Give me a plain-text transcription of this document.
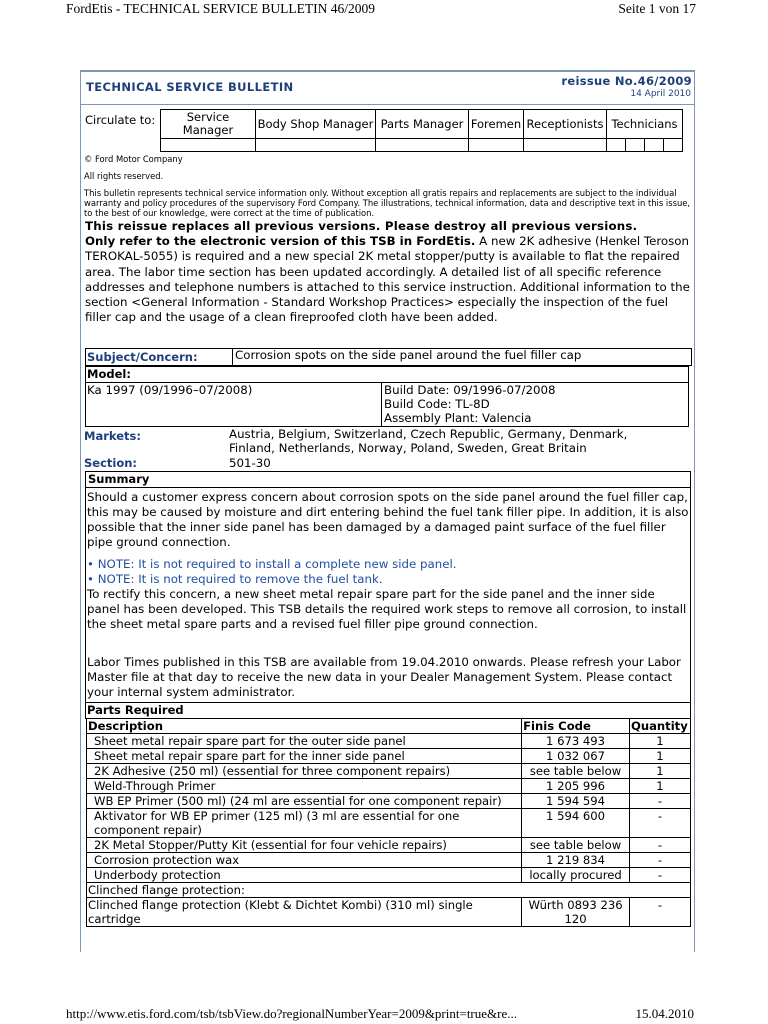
FordEtis - TECHNICAL SERVICE BULLETIN 46/2009	Seite 1 von 17
TECHNICAL SERVICE BULLETIN	reissue No.46/2009
14 April 2010
Circulate to:	Service Manager	Body Shop Manager	Parts Manager	Foremen	Receptionists	Technicians			

© Ford Motor Company
All rights reserved.
This bulletin represents technical service information only. Without exception all gratis repairs and replacements are subject to the individual warranty and policy procedures of the supervisory Ford Company. The illustrations, technical information, data and descriptive text in this issue, to the best of our knowledge, were correct at the time of publication.
This reissue replaces all previous versions. Please destroy all previous versions.
Only refer to the electronic version of this TSB in FordEtis. A new 2K adhesive (Henkel Teroson TEROKAL-5055) is required and a new special 2K metal stopper/putty is available to flat the repaired area. The labor time section has been updated accordingly. A detailed list of all specific reference addresses and telephone numbers is attached to this service instruction. Additional information to the section <General Information - Standard Workshop Practices> especially the inspection of the fuel filler cap and the usage of a clean fireproofed cloth have been added.
Subject/Concern:	Corrosion spots on the side panel around the fuel filler cap
Model:
Ka 1997 (09/1996–07/2008)	Build Date: 09/1996-07/2008
Build Code: TL-8D
Assembly Plant: Valencia
Markets:	Austria, Belgium, Switzerland, Czech Republic, Germany, Denmark,
Finland, Netherlands, Norway, Poland, Sweden, Great Britain
Section:	501-30
Summary
Should a customer express concern about corrosion spots on the side panel around the fuel filler cap, this may be caused by moisture and dirt entering behind the fuel tank filler pipe. In addition, it is also possible that the inner side panel has been damaged by a damaged paint surface of the fuel filler pipe ground connection.
• NOTE: It is not required to install a complete new side panel.
• NOTE: It is not required to remove the fuel tank.
To rectify this concern, a new sheet metal repair spare part for the side panel and the inner side panel has been developed. This TSB details the required work steps to remove all corrosion, to install the sheet metal spare parts and a revised fuel filler pipe ground connection.
Labor Times published in this TSB are available from 19.04.2010 onwards. Please refresh your Labor Master file at that day to receive the new data in your Dealer Management System. Please contact your internal system administrator.
Parts Required
Description	Finis Code	Quantity
Sheet metal repair spare part for the outer side panel	1 673 493	1
Sheet metal repair spare part for the inner side panel	1 032 067	1
2K Adhesive (250 ml) (essential for three component repairs)	see table below	1
Weld-Through Primer	1 205 996	1
WB EP Primer (500 ml) (24 ml are essential for one component repair)	1 594 594	-
Aktivator for WB EP primer (125 ml) (3 ml are essential for one component repair)	1 594 600	-
2K Metal Stopper/Putty Kit (essential for four vehicle repairs)	see table below	-
Corrosion protection wax	1 219 834	-
Underbody protection	locally procured	-
Clinched flange protection:		
Clinched flange protection (Klebt & Dichtet Kombi) (310 ml) single cartridge	Würth 0893 236 120	-
http://www.etis.ford.com/tsb/tsbView.do?regionalNumberYear=2009&print=true&re...	15.04.2010
